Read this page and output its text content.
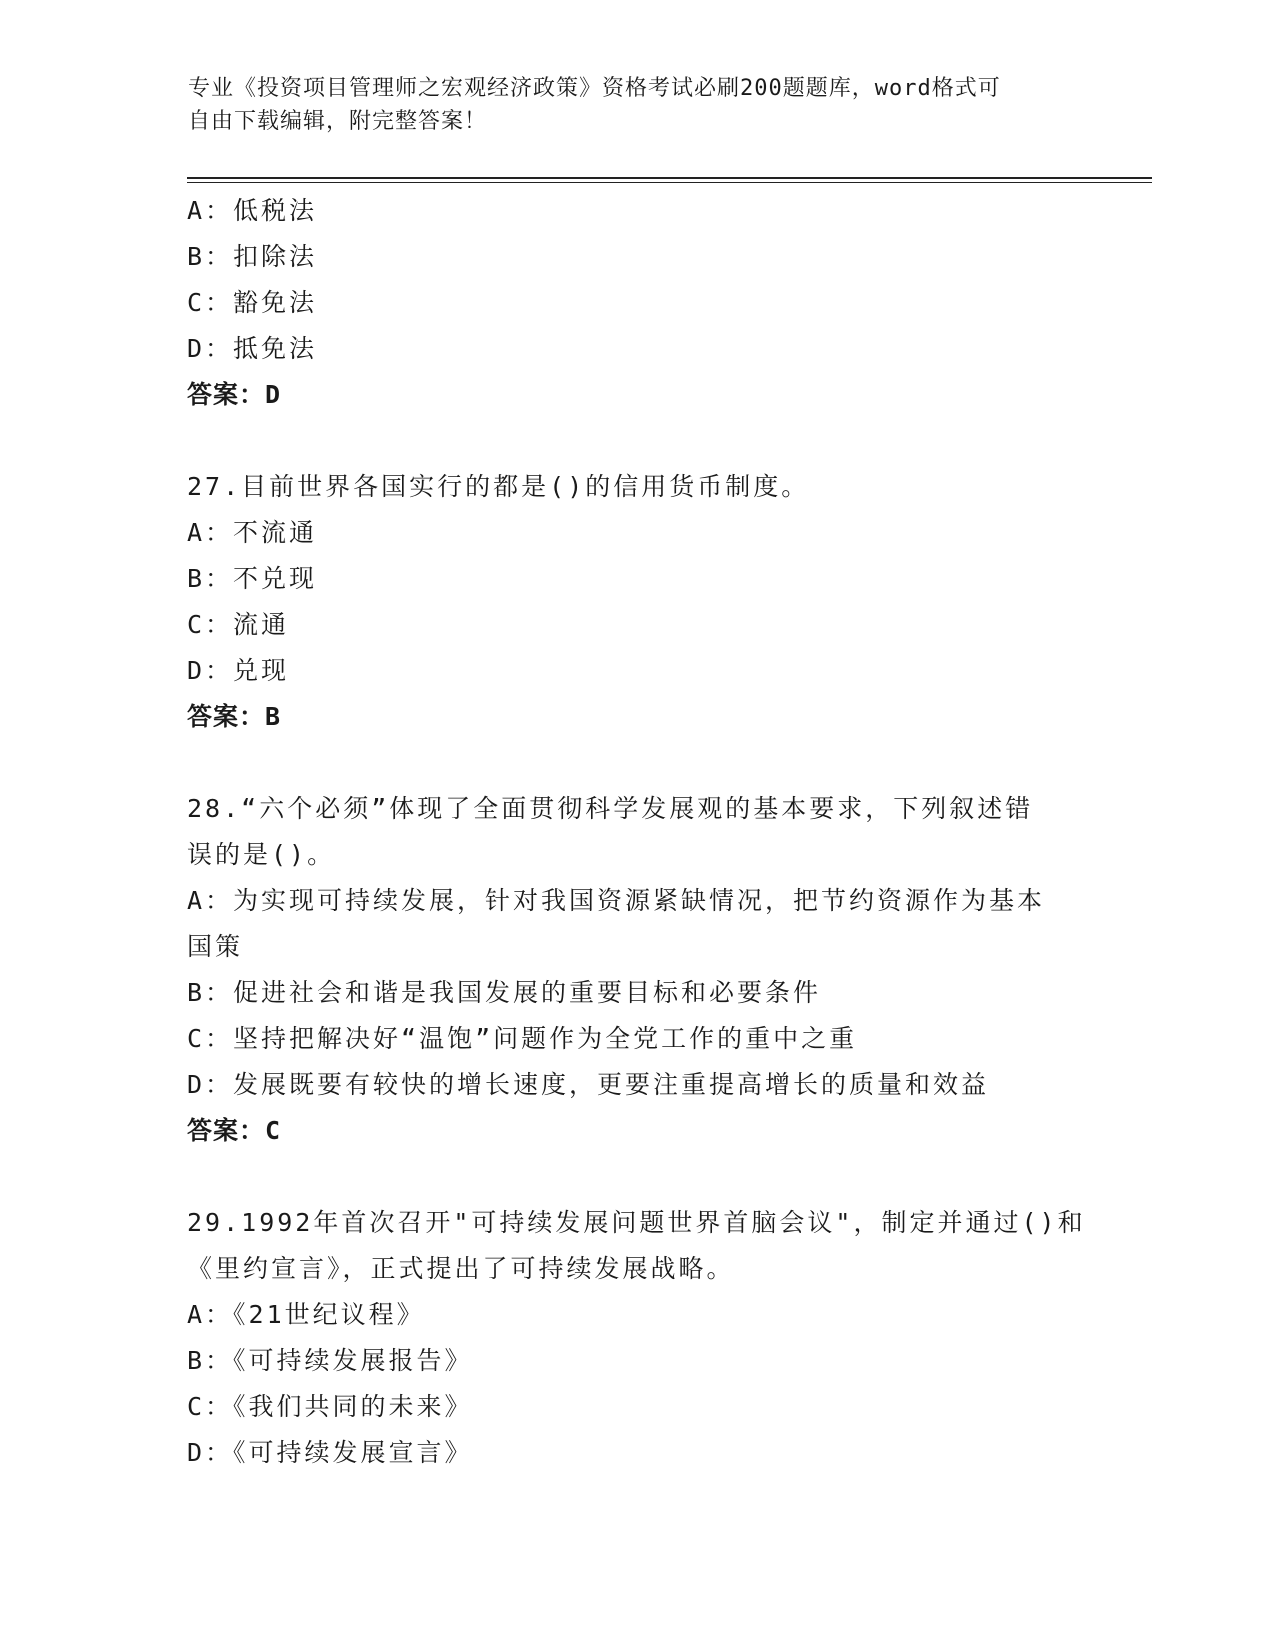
专业《投资项目管理师之宏观经济政策》资格考试必刷200题题库，word格式可
自由下载编辑，附完整答案！
A：低税法
B：扣除法
C：豁免法
D：抵免法
答案：D
27.目前世界各国实行的都是()的信用货币制度。
A：不流通
B：不兑现
C：流通
D：兑现
答案：B
28.“六个必须”体现了全面贯彻科学发展观的基本要求，下列叙述错
误的是()。
A：为实现可持续发展，针对我国资源紧缺情况，把节约资源作为基本
国策
B：促进社会和谐是我国发展的重要目标和必要条件
C：坚持把解决好“温饱”问题作为全党工作的重中之重
D：发展既要有较快的增长速度，更要注重提高增长的质量和效益
答案：C
29.1992年首次召开"可持续发展问题世界首脑会议"，制定并通过()和
《里约宣言》，正式提出了可持续发展战略。
A：《21世纪议程》
B：《可持续发展报告》
C：《我们共同的未来》
D：《可持续发展宣言》
